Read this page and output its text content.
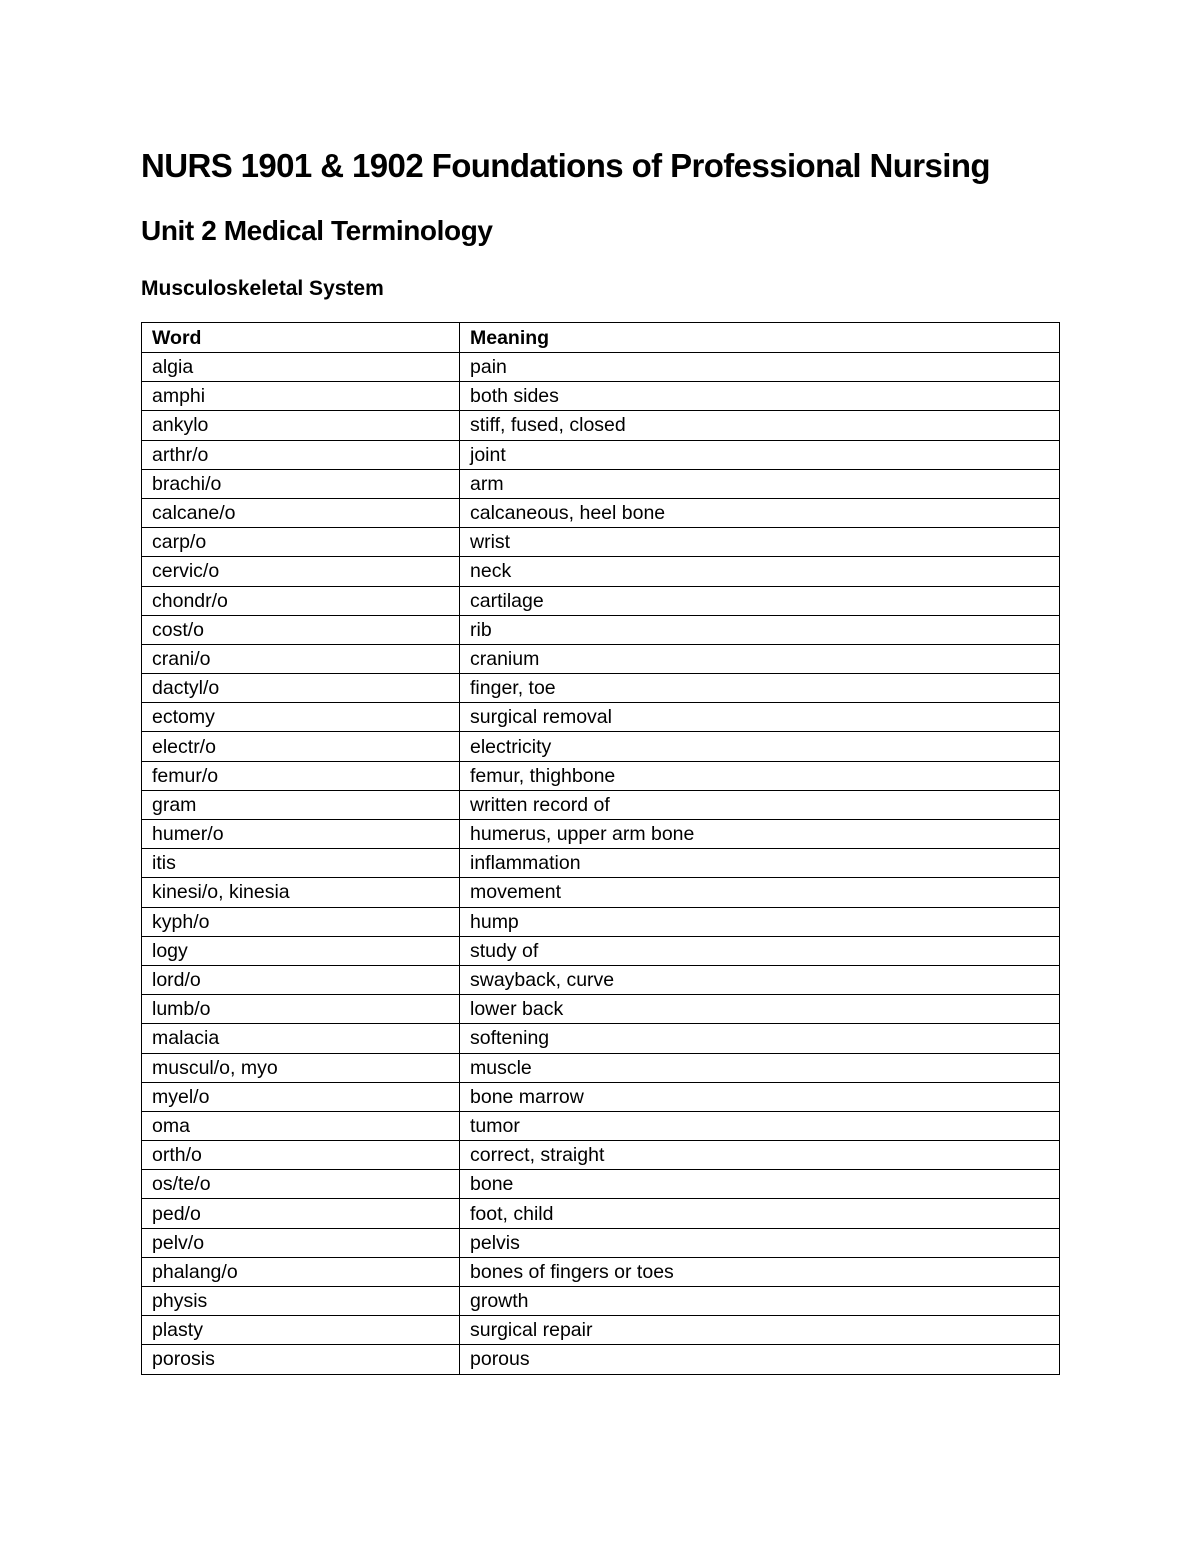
NURS 1901 & 1902 Foundations of Professional Nursing
Unit 2 Medical Terminology
Musculoskeletal System
Word	Meaning
algia	pain
amphi	both sides
ankylo	stiff, fused, closed
arthr/o	joint
brachi/o	arm
calcane/o	calcaneous, heel bone
carp/o	wrist
cervic/o	neck
chondr/o	cartilage
cost/o	rib
crani/o	cranium
dactyl/o	finger, toe
ectomy	surgical removal
electr/o	electricity
femur/o	femur, thighbone
gram	written record of
humer/o	humerus, upper arm bone
itis	inflammation
kinesi/o, kinesia	movement
kyph/o	hump
logy	study of
lord/o	swayback, curve
lumb/o	lower back
malacia	softening
muscul/o, myo	muscle
myel/o	bone marrow
oma	tumor
orth/o	correct, straight
os/te/o	bone
ped/o	foot, child
pelv/o	pelvis
phalang/o	bones of fingers or toes
physis	growth
plasty	surgical repair
porosis	porous
